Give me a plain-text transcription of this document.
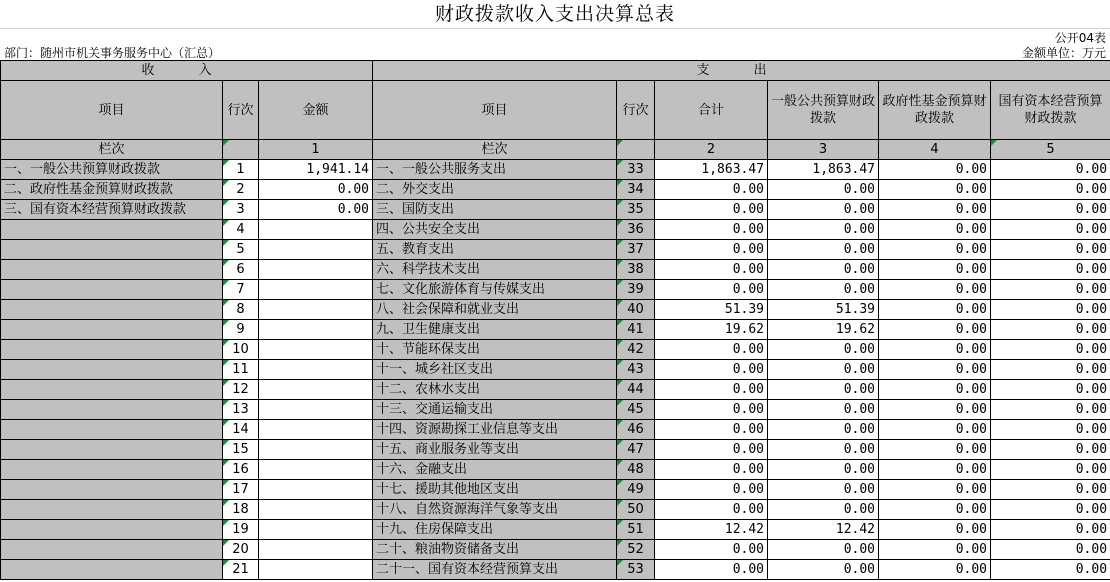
财政拨款收入支出决算总表
公开04表
部门：随州市机关事务服务中心（汇总）	金额单位：万元
收 入			支 出					
项目	行次	金额	项目	行次	合计	一般公共预算财政拨款	政府性基金预算财政拨款	国有资本经营预算财政拨款
栏次		1	栏次		2	3	4	5
一、一般公共预算财政拨款	1	1,941.14	一、一般公共服务支出	33	1,863.47	1,863.47	0.00	0.00
二、政府性基金预算财政拨款	2	0.00	二、外交支出	34	0.00	0.00	0.00	0.00
三、国有资本经营预算财政拨款	3	0.00	三、国防支出	35	0.00	0.00	0.00	0.00
	4		四、公共安全支出	36	0.00	0.00	0.00	0.00
	5		五、教育支出	37	0.00	0.00	0.00	0.00
	6		六、科学技术支出	38	0.00	0.00	0.00	0.00
	7		七、文化旅游体育与传媒支出	39	0.00	0.00	0.00	0.00
	8		八、社会保障和就业支出	40	51.39	51.39	0.00	0.00
	9		九、卫生健康支出	41	19.62	19.62	0.00	0.00
	10		十、节能环保支出	42	0.00	0.00	0.00	0.00
	11		十一、城乡社区支出	43	0.00	0.00	0.00	0.00
	12		十二、农林水支出	44	0.00	0.00	0.00	0.00
	13		十三、交通运输支出	45	0.00	0.00	0.00	0.00
	14		十四、资源勘探工业信息等支出	46	0.00	0.00	0.00	0.00
	15		十五、商业服务业等支出	47	0.00	0.00	0.00	0.00
	16		十六、金融支出	48	0.00	0.00	0.00	0.00
	17		十七、援助其他地区支出	49	0.00	0.00	0.00	0.00
	18		十八、自然资源海洋气象等支出	50	0.00	0.00	0.00	0.00
	19		十九、住房保障支出	51	12.42	12.42	0.00	0.00
	20		二十、粮油物资储备支出	52	0.00	0.00	0.00	0.00
	21		二十一、国有资本经营预算支出	53	0.00	0.00	0.00	0.00
